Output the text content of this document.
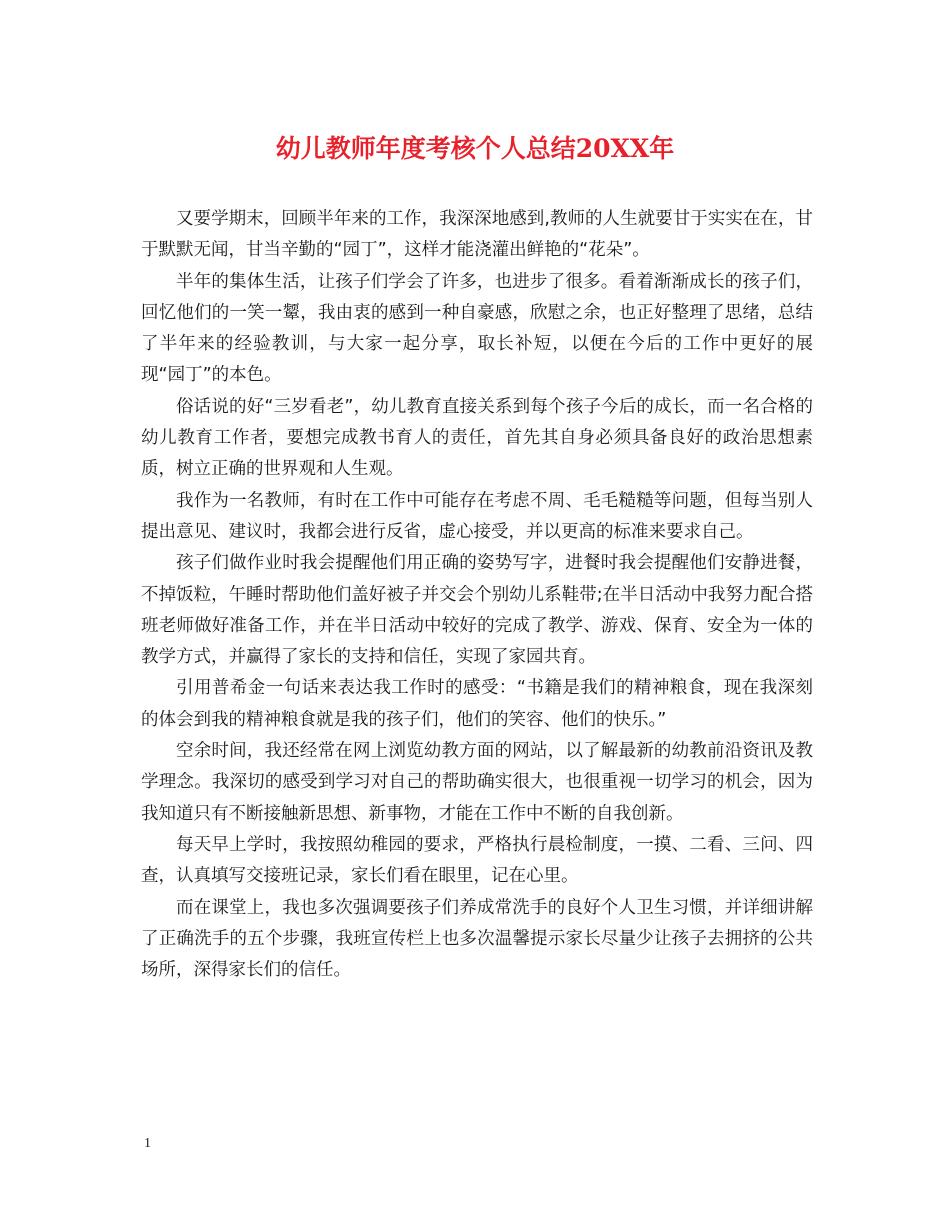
幼儿教师年度考核个人总结20XX年

又要学期末，回顾半年来的工作，我深深地感到,教师的人生就要甘于实实在在，甘于默默无闻，甘当辛勤的“园丁”，这样才能浇灌出鲜艳的“花朵”。

半年的集体生活，让孩子们学会了许多，也进步了很多。看着渐渐成长的孩子们，回忆他们的一笑一颦，我由衷的感到一种自豪感，欣慰之余，也正好整理了思绪，总结了半年来的经验教训，与大家一起分享，取长补短，以便在今后的工作中更好的展现“园丁”的本色。

俗话说的好“三岁看老”，幼儿教育直接关系到每个孩子今后的成长，而一名合格的幼儿教育工作者，要想完成教书育人的责任，首先其自身必须具备良好的政治思想素质，树立正确的世界观和人生观。

我作为一名教师，有时在工作中可能存在考虑不周、毛毛糙糙等问题，但每当别人提出意见、建议时，我都会进行反省，虚心接受，并以更高的标准来要求自己。

孩子们做作业时我会提醒他们用正确的姿势写字，进餐时我会提醒他们安静进餐，不掉饭粒，午睡时帮助他们盖好被子并交会个别幼儿系鞋带;在半日活动中我努力配合搭班老师做好准备工作，并在半日活动中较好的完成了教学、游戏、保育、安全为一体的教学方式，并赢得了家长的支持和信任，实现了家园共育。

引用普希金一句话来表达我工作时的感受：“书籍是我们的精神粮食，现在我深刻的体会到我的精神粮食就是我的孩子们，他们的笑容、他们的快乐。”

空余时间，我还经常在网上浏览幼教方面的网站，以了解最新的幼教前沿资讯及教学理念。我深切的感受到学习对自己的帮助确实很大，也很重视一切学习的机会，因为我知道只有不断接触新思想、新事物，才能在工作中不断的自我创新。

每天早上学时，我按照幼稚园的要求，严格执行晨检制度，一摸、二看、三问、四查，认真填写交接班记录，家长们看在眼里，记在心里。

而在课堂上，我也多次强调要孩子们养成常洗手的良好个人卫生习惯，并详细讲解了正确洗手的五个步骤，我班宣传栏上也多次温馨提示家长尽量少让孩子去拥挤的公共场所，深得家长们的信任。

1
